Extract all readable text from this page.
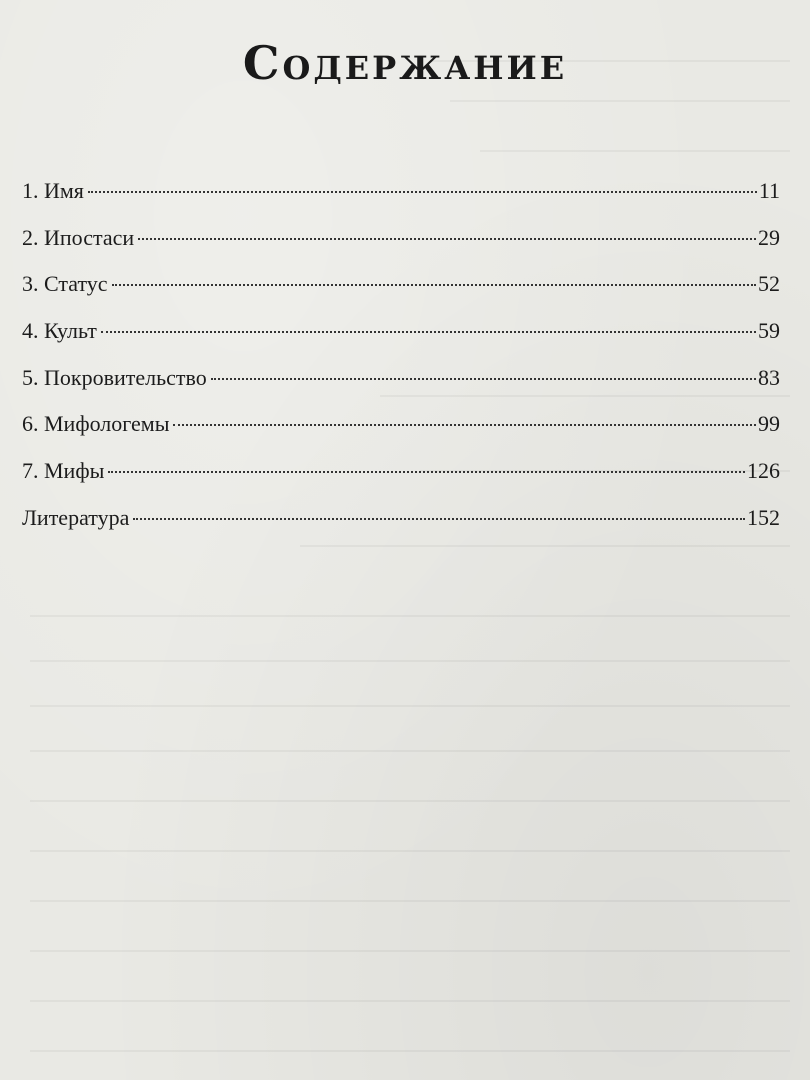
Содержание
1. Имя	11
2. Ипостаси	29
3. Статус	52
4. Культ	59
5. Покровительство	83
6. Мифологемы	99
7. Мифы	126
Литература	152
